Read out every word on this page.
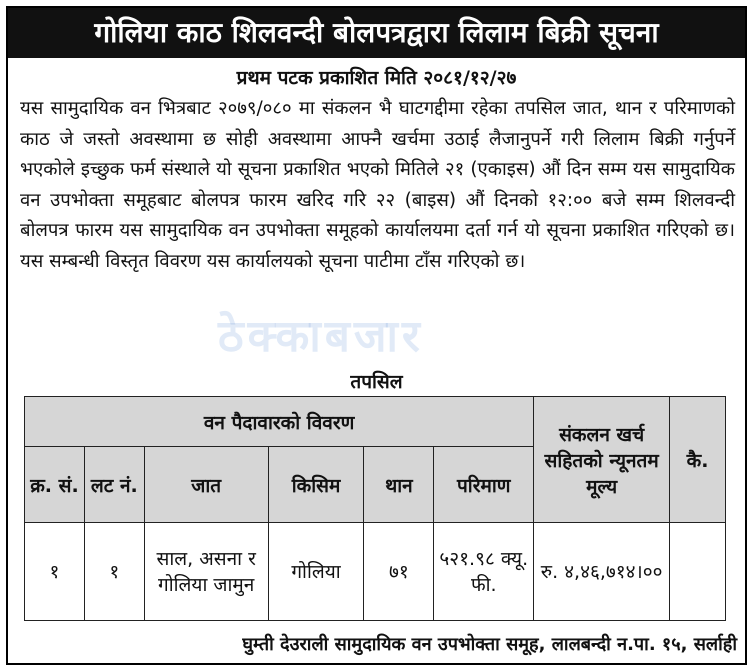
गोलिया काठ शिलवन्दी बोलपत्रद्वारा लिलाम बिक्री सूचना
प्रथम पटक प्रकाशित मिति २०८१/१२/२७
यस सामुदायिक वन भित्रबाट २०७९/०८० मा संकलन भै घाटगद्दीमा रहेका तपसिल जात, थान र परिमाणको काठ जे जस्तो अवस्थामा छ सोही अवस्थामा आफ्नै खर्चमा उठाई लैजानुपर्ने गरी लिलाम बिक्री गर्नुपर्ने भएकोले इच्छुक फर्म संस्थाले यो सूचना प्रकाशित भएको मितिले २१ (एकाइस) औं दिन सम्म यस सामुदायिक वन उपभोक्ता समूहबाट बोलपत्र फारम खरिद गरि २२ (बाइस) औं दिनको १२:०० बजे सम्म शिलवन्दी बोलपत्र फारम यस सामुदायिक वन उपभोक्ता समूहको कार्यालयमा दर्ता गर्न यो सूचना प्रकाशित गरिएको छ। यस सम्बन्धी विस्तृत विवरण यस कार्यालयको सूचना पाटीमा टाँस गरिएको छ।
ठेक्काबजार
तपसिल
वन पैदावारको विवरण						संकलन खर्च सहितको न्यूनतम मूल्य	कै.
क्र. सं.	लट नं.	जात	किसिम	थान	परिमाण		
१	१	साल, असना र गोलिया जामुन	गोलिया	७१	५२१.९८ क्यू. फी.	रु. ४,४६,७१४।००	
घुम्ती देउराली सामुदायिक वन उपभोक्ता समूह, लालबन्दी न.पा. १५, सर्लाही
